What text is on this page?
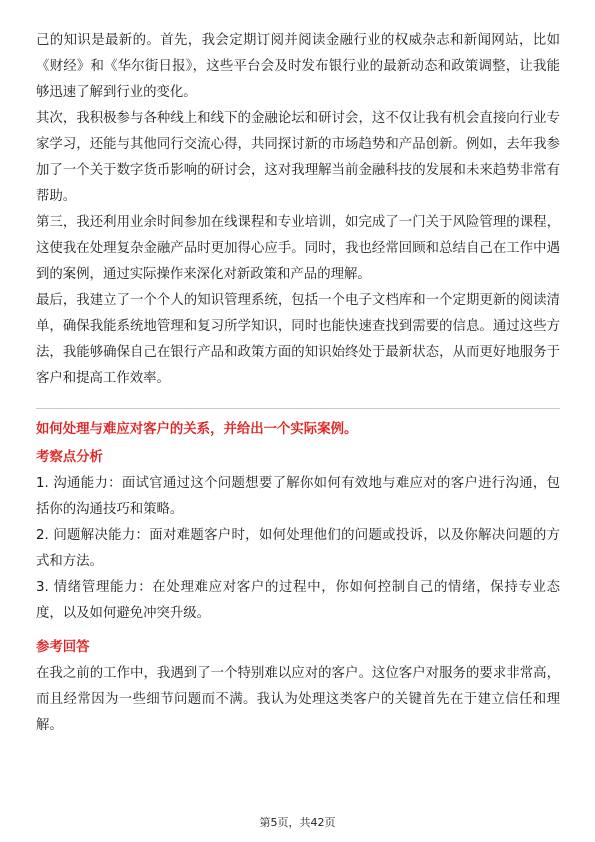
己的知识是最新的。首先，我会定期订阅并阅读金融行业的权威杂志和新闻网站，比如《财经》和《华尔街日报》，这些平台会及时发布银行业的最新动态和政策调整，让我能够迅速了解到行业的变化。

其次，我积极参与各种线上和线下的金融论坛和研讨会，这不仅让我有机会直接向行业专家学习，还能与其他同行交流心得，共同探讨新的市场趋势和产品创新。例如，去年我参加了一个关于数字货币影响的研讨会，这对我理解当前金融科技的发展和未来趋势非常有帮助。

第三，我还利用业余时间参加在线课程和专业培训，如完成了一门关于风险管理的课程，这使我在处理复杂金融产品时更加得心应手。同时，我也经常回顾和总结自己在工作中遇到的案例，通过实际操作来深化对新政策和产品的理解。

最后，我建立了一个个人的知识管理系统，包括一个电子文档库和一个定期更新的阅读清单，确保我能系统地管理和复习所学知识，同时也能快速查找到需要的信息。通过这些方法，我能够确保自己在银行产品和政策方面的知识始终处于最新状态，从而更好地服务于客户和提高工作效率。

如何处理与难应对客户的关系，并给出一个实际案例。

考察点分析

1. 沟通能力：面试官通过这个问题想要了解你如何有效地与难应对的客户进行沟通，包括你的沟通技巧和策略。

2. 问题解决能力：面对难题客户时，如何处理他们的问题或投诉，以及你解决问题的方式和方法。

3. 情绪管理能力：在处理难应对客户的过程中，你如何控制自己的情绪，保持专业态度，以及如何避免冲突升级。

参考回答

在我之前的工作中，我遇到了一个特别难以应对的客户。这位客户对服务的要求非常高，而且经常因为一些细节问题而不满。我认为处理这类客户的关键首先在于建立信任和理解。

第5页，共42页
